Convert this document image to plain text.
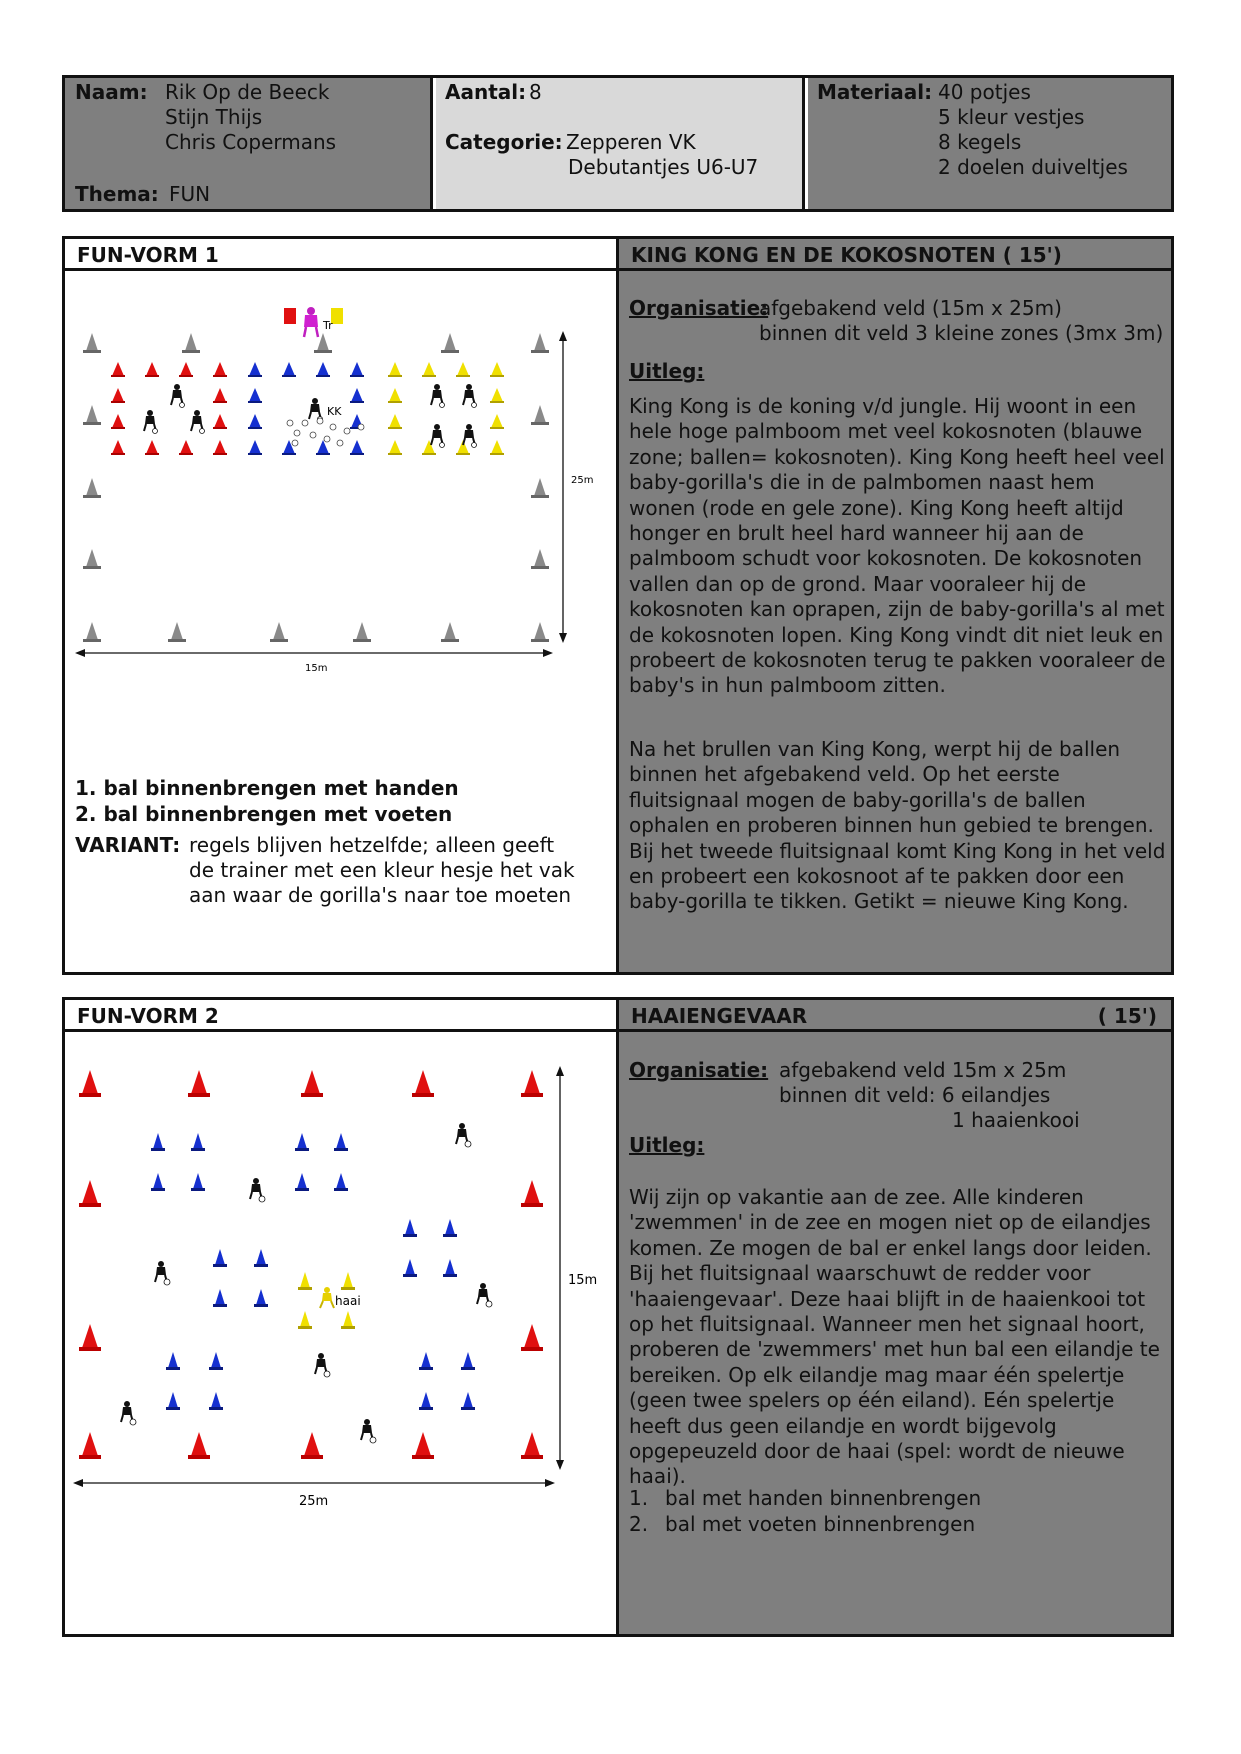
Naam: Rik Op de Beeck
Stijn Thijs
Chris Copermans
Thema: FUN
Aantal: 8
Categorie: Zepperen VK
Debutantjes U6-U7
Materiaal: 40 potjes
5 kleur vestjes
8 kegels
2 doelen duiveltjes
FUN-VORM 1
KK
Tr
25m
15m
1. bal binnenbrengen met handen
2. bal binnenbrengen met voeten
VARIANT: regels blijven hetzelfde; alleen geeft
de trainer met een kleur hesje het vak
aan waar de gorilla's naar toe moeten
KING KONG EN DE KOKOSNOTEN ( 15')
Organisatie:
afgebakend veld (15m x 25m)
binnen dit veld 3 kleine zones (3mx 3m)
Uitleg:

King Kong is de koning v/d jungle. Hij woont in een hele hoge palmboom met veel kokosnoten (blauwe zone; ballen= kokosnoten). King Kong heeft heel veel baby-gorilla's die in de palmbomen naast hem wonen (rode en gele zone). King Kong heeft altijd honger en brult heel hard wanneer hij aan de palmboom schudt voor kokosnoten. De kokosnoten vallen dan op de grond. Maar vooraleer hij de kokosnoten kan oprapen, zijn de baby-gorilla's al met de kokosnoten lopen. King Kong vindt dit niet leuk en probeert de kokosnoten terug te pakken vooraleer de baby's in hun palmboom zitten.

Na het brullen van King Kong, werpt hij de ballen binnen het afgebakend veld. Op het eerste fluitsignaal mogen de baby-gorilla's de ballen ophalen en proberen binnen hun gebied te brengen. Bij het tweede fluitsignaal komt King Kong in het veld en probeert een kokosnoot af te pakken door een baby-gorilla te tikken. Getikt = nieuwe King Kong.

FUN-VORM 2
haai
15m
25m
HAAIENGEVAAR	( 15')
Organisatie: afgebakend veld 15m x 25m
binnen dit veld: 6 eilandjes
1 haaienkooi
Uitleg:

Wij zijn op vakantie aan de zee. Alle kinderen 'zwemmen' in de zee en mogen niet op de eilandjes komen. Ze mogen de bal er enkel langs door leiden. Bij het fluitsignaal waarschuwt de redder voor 'haaiengevaar'. Deze haai blijft in de haaienkooi tot op het fluitsignaal. Wanneer men het signaal hoort, proberen de 'zwemmers' met hun bal een eilandje te bereiken. Op elk eilandje mag maar één spelertje (geen twee spelers op één eiland). Eén spelertje heeft dus geen eilandje en wordt bijgevolg opgepeuzeld door de haai (spel: wordt de nieuwe haai).

1. bal met handen binnenbrengen
2. bal met voeten binnenbrengen
